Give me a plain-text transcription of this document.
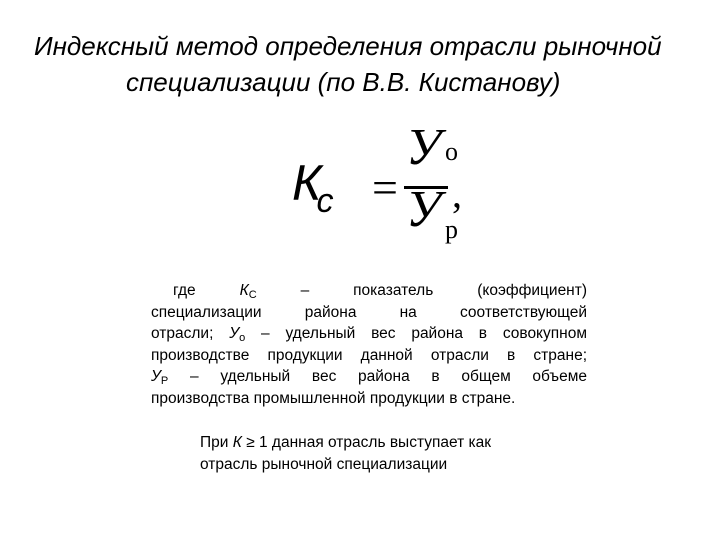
Индексный метод определения отрасли рыночной
специализации (по В.В. Кистанову)
$К_с$ =
Уо
У $_р$
,
где	$К_С$	–	показатель	(коэффициент)
специализации района на соответствующей
отрасли; $У_о$ – удельный вес района в совокупном
производстве продукции данной отрасли в стране;
$У_Р$ – удельный вес района в общем объеме
производства промышленной продукции в стране.
При К ≥ 1 данная отрасль выступает как
отрасль рыночной специализации
